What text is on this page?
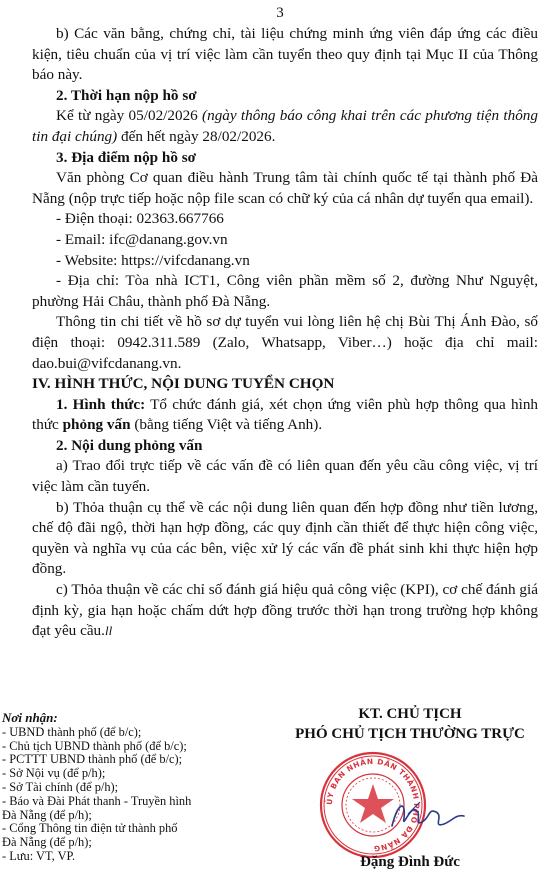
3

b) Các văn bằng, chứng chỉ, tài liệu chứng minh ứng viên đáp ứng các điều kiện, tiêu chuẩn của vị trí việc làm cần tuyển theo quy định tại Mục II của Thông báo này.

2. Thời hạn nộp hồ sơ

Kể từ ngày 05/02/2026 (ngày thông báo công khai trên các phương tiện thông tin đại chúng) đến hết ngày 28/02/2026.

3. Địa điểm nộp hồ sơ

Văn phòng Cơ quan điều hành Trung tâm tài chính quốc tế tại thành phố Đà Nẵng (nộp trực tiếp hoặc nộp file scan có chữ ký của cá nhân dự tuyển qua email).

- Điện thoại: 02363.667766

- Email: ifc@danang.gov.vn

- Website: https://vifcdanang.vn

- Địa chỉ: Tòa nhà ICT1, Công viên phần mềm số 2, đường Như Nguyệt, phường Hải Châu, thành phố Đà Nẵng.

Thông tin chi tiết về hồ sơ dự tuyển vui lòng liên hệ chị Bùi Thị Ánh Đào, số điện thoại: 0942.311.589 (Zalo, Whatsapp, Viber…) hoặc địa chỉ mail: dao.bui@vifcdanang.vn.

IV. HÌNH THỨC, NỘI DUNG TUYỂN CHỌN

1. Hình thức: Tổ chức đánh giá, xét chọn ứng viên phù hợp thông qua hình thức phỏng vấn (bằng tiếng Việt và tiếng Anh).

2. Nội dung phỏng vấn

a) Trao đổi trực tiếp về các vấn đề có liên quan đến yêu cầu công việc, vị trí việc làm cần tuyển.

b) Thỏa thuận cụ thể về các nội dung liên quan đến hợp đồng như tiền lương, chế độ đãi ngộ, thời hạn hợp đồng, các quy định cần thiết để thực hiện công việc, quyền và nghĩa vụ của các bên, việc xử lý các vấn đề phát sinh khi thực hiện hợp đồng.

c) Thỏa thuận về các chỉ số đánh giá hiệu quả công việc (KPI), cơ chế đánh giá định kỳ, gia hạn hoặc chấm dứt hợp đồng trước thời hạn trong trường hợp không đạt yêu cầu.ll

Nơi nhận:
- UBND thành phố (để b/c);
- Chủ tịch UBND thành phố (để b/c);
- PCTTT UBND thành phố (để b/c);
- Sở Nội vụ (để p/h);
- Sở Tài chính (để p/h);
- Báo và Đài Phát thanh - Truyền hình
Đà Nẵng (để p/h);
- Cổng Thông tin điện tử thành phố
Đà Nẵng (để p/h);
- Lưu: VT, VP.
KT. CHỦ TỊCH
PHÓ CHỦ TỊCH THƯỜNG TRỰC
ỦY BAN NHÂN DÂN THÀNH PHỐ ĐÀ NẴNG
Đặng Đình Đức
